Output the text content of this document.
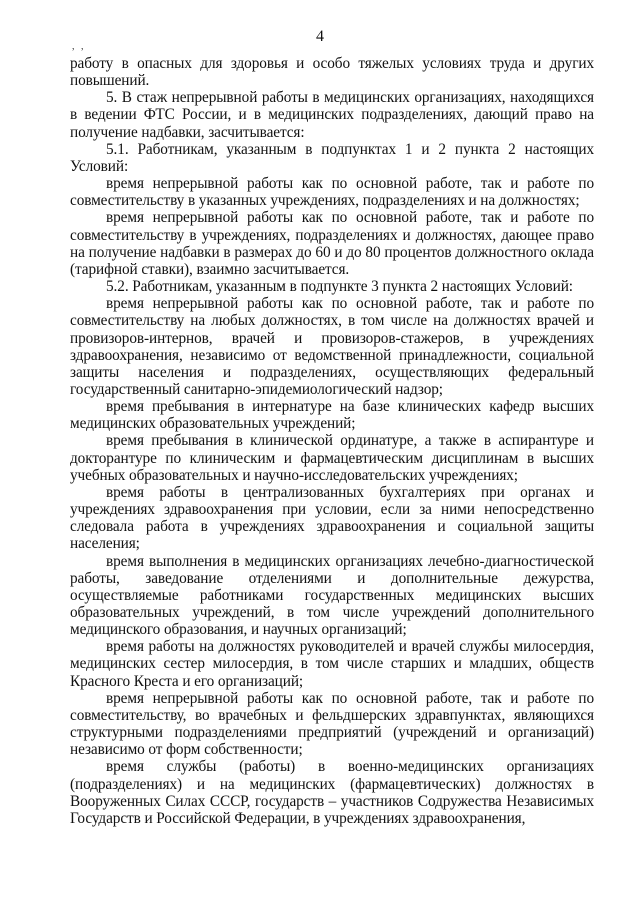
, ,
4

работу в опасных для здоровья и особо тяжелых условиях труда и других повышений.

5. В стаж непрерывной работы в медицинских организациях, находящихся в ведении ФТС России, и в медицинских подразделениях, дающий право на получение надбавки, засчитывается:

5.1. Работникам, указанным в подпунктах 1 и 2 пункта 2 настоящих Условий:

время непрерывной работы как по основной работе, так и работе по совместительству в указанных учреждениях, подразделениях и на должностях;

время непрерывной работы как по основной работе, так и работе по совместительству в учреждениях, подразделениях и должностях, дающее право на получение надбавки в размерах до 60 и до 80 процентов должностного оклада (тарифной ставки), взаимно засчитывается.

5.2. Работникам, указанным в подпункте 3 пункта 2 настоящих Условий:

время непрерывной работы как по основной работе, так и работе по совместительству на любых должностях, в том числе на должностях врачей и провизоров-интернов, врачей и провизоров-стажеров, в учреждениях здравоохранения, независимо от ведомственной принадлежности, социальной защиты населения и подразделениях, осуществляющих федеральный государственный санитарно-эпидемиологический надзор;

время пребывания в интернатуре на базе клинических кафедр высших медицинских образовательных учреждений;

время пребывания в клинической ординатуре, а также в аспирантуре и докторантуре по клиническим и фармацевтическим дисциплинам в высших учебных образовательных и научно-исследовательских учреждениях;

время работы в централизованных бухгалтериях при органах и учреждениях здравоохранения при условии, если за ними непосредственно следовала работа в учреждениях здравоохранения и социальной защиты населения;

время выполнения в медицинских организациях лечебно-диагностической работы, заведование отделениями и дополнительные дежурства, осуществляемые работниками государственных медицинских высших образовательных учреждений, в том числе учреждений дополнительного медицинского образования, и научных организаций;

время работы на должностях руководителей и врачей службы милосердия, медицинских сестер милосердия, в том числе старших и младших, обществ Красного Креста и его организаций;

время непрерывной работы как по основной работе, так и работе по совместительству, во врачебных и фельдшерских здравпунктах, являющихся структурными подразделениями предприятий (учреждений и организаций) независимо от форм собственности;

время службы (работы) в военно-медицинских организациях (подразделениях) и на медицинских (фармацевтических) должностях в Вооруженных Силах СССР, государств – участников Содружества Независимых Государств и Российской Федерации, в учреждениях здравоохранения,
